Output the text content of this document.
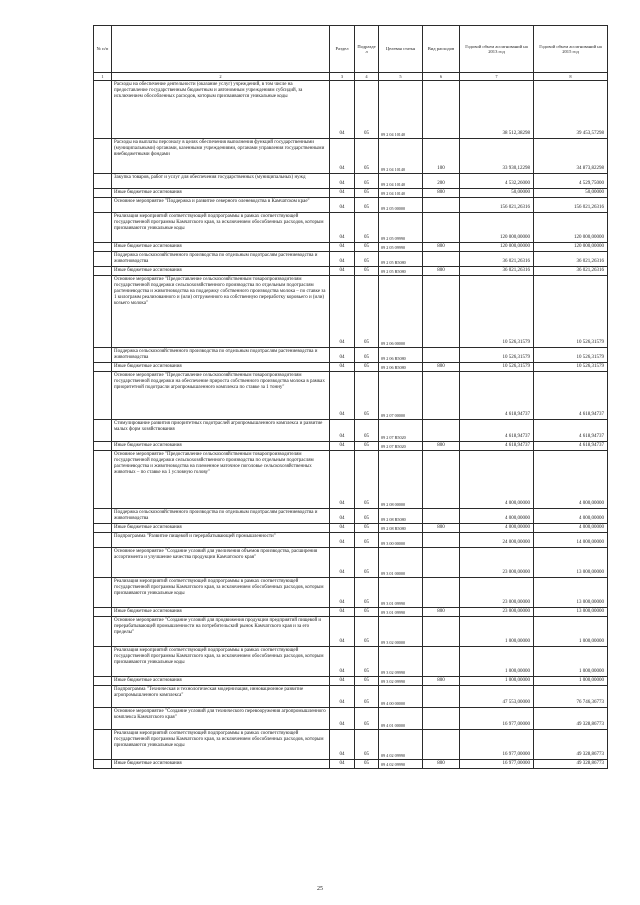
№ п/п		Раздел	Подраздел	Целевая статья	Вид расходов	Годовой объем ассигнований на 2013 год	Годовой объем ассигнований на 2015 год
1	2	3	4	5	6	7	8
	Расходы на обеспечение деятельности (оказание услуг) учреждений, в том числе на предоставление государственным бюджетным и автономным учреждениям субсидий, за исключением обособленных расходов, которым присваиваются уникальные коды	04	05	09 2 04 10140		38 512,38298	39 453,57298
	Расходы на выплаты персоналу в целях обеспечения выполнения функций государственными (муниципальными) органами, казенными учреждениями, органами управления государственными внебюджетными фондами	04	05	09 2 04 10140	100	33 930,12298	34 873,82298
	Закупка товаров, работ и услуг для обеспечения государственных (муниципальных) нужд	04	05	09 2 04 10140	200	4 532,26000	4 529,75000
	Иные бюджетные ассигнования	04	05	09 2 04 10140	800	50,00000	50,00000
	Основное мероприятие "Поддержка и развитие северного оленеводства в Камчатском крае"	04	05	09 2 05 00000		156 021,26316	156 021,26316
	Реализация мероприятий соответствующей подпрограммы в рамках соответствующей государственной программы Камчатского края, за исключением обособленных расходов, которым присваиваются уникальные коды	04	05	09 2 05 09990		120 000,00000	120 000,00000
	Иные бюджетные ассигнования	04	05	09 2 05 09990	800	120 000,00000	120 000,00000
	Поддержка сельскохозяйственного производства по отдельным подотраслям растениеводства и животноводства	04	05	09 2 05 R5080		36 021,26316	36 021,26316
	Иные бюджетные ассигнования	04	05	09 2 05 R5080	800	36 021,26316	36 021,26316
	Основное мероприятие "Предоставление сельскохозяйственным товаропроизводителям государственной поддержки сельскохозяйственного производства по отдельным подотраслям растениеводства и животноводства на поддержку собственного производства молока – по ставке за 1 килограмм реализованного и (или) отгруженного на собственную переработку коровьего и (или) козьего молока"	04	05	09 2 06 00000		10 526,31579	10 526,31579
	Поддержка сельскохозяйственного производства по отдельным подотраслям растениеводства и животноводства	04	05	09 2 06 R5080		10 526,31579	10 526,31579
	Иные бюджетные ассигнования	04	05	09 2 06 R5080	800	10 526,31579	10 526,31579
	Основное мероприятие "Предоставление сельскохозяйственным товаропроизводителям государственной поддержки на обеспечение прироста собственного производства молока в рамках приоритетной подотрасли агропромышленного комплекса по ставке за 1 тонну"	04	05	09 2 07 00000		4 618,94737	4 618,94737
	Стимулирование развития приоритетных подотраслей агропромышленного комплекса и развитие малых форм хозяйствования	04	05	09 2 07 R5020		4 618,94737	4 618,94737
	Иные бюджетные ассигнования	04	05	09 2 07 R5020	800	4 618,94737	4 618,94737
	Основное мероприятие "Предоставление сельскохозяйственным товаропроизводителям государственной поддержки сельскохозяйственного производства по отдельным подотраслям растениеводства и животноводства на племенное маточное поголовье сельскохозяйственных животных – по ставке на 1 условную голову"	04	05	09 2 08 00000		4 000,00000	4 000,00000
	Поддержка сельскохозяйственного производства по отдельным подотраслям растениеводства и животноводства	04	05	09 2 08 R5080		4 000,00000	4 000,00000
	Иные бюджетные ассигнования	04	05	09 2 08 R5080	800	4 000,00000	4 000,00000
	Подпрограмма "Развитие пищевой и перерабатывающей промышленности"	04	05	09 3 00 00000		24 000,00000	14 000,00000
	Основное мероприятие "Создание условий для увеличения объемов производства, расширения ассортимента и улучшение качества продукции Камчатского края"	04	05	09 3 01 00000		23 000,00000	13 000,00000
	Реализация мероприятий соответствующей подпрограммы в рамках соответствующей государственной программы Камчатского края, за исключением обособленных расходов, которым присваиваются уникальные коды	04	05	09 3 01 09990		23 000,00000	13 000,00000
	Иные бюджетные ассигнования	04	05	09 3 01 09990	800	23 000,00000	13 000,00000
	Основное мероприятие "Создание условий для продвижения продукции предприятий пищевой и перерабатывающей промышленности на потребительский рынок Камчатского края и за его пределы"	04	05	09 3 02 00000		1 000,00000	1 000,00000
	Реализация мероприятий соответствующей подпрограммы в рамках соответствующей государственной программы Камчатского края, за исключением обособленных расходов, которым присваиваются уникальные коды	04	05	09 3 02 09990		1 000,00000	1 000,00000
	Иные бюджетные ассигнования	04	05	09 3 02 09990	800	1 000,00000	1 000,00000
	Подпрограмма "Техническая и технологическая модернизация, инновационное развитие агропромышленного комплекса"	04	05	09 4 00 00000		47 553,00000	76 746,36773
	Основное мероприятие "Создание условий для технического перевооружения агропромышленного комплекса Камчатского края"	04	05	09 4 01 00000		16 977,00000	49 328,86773
	Реализация мероприятий соответствующей подпрограммы в рамках соответствующей государственной программы Камчатского края, за исключением обособленных расходов, которым присваиваются уникальные коды	04	05	09 4 02 09990		16 977,00000	49 328,86773
	Иные бюджетные ассигнования	04	05	09 4 02 09990	800	16 977,00000	49 328,86773
25
